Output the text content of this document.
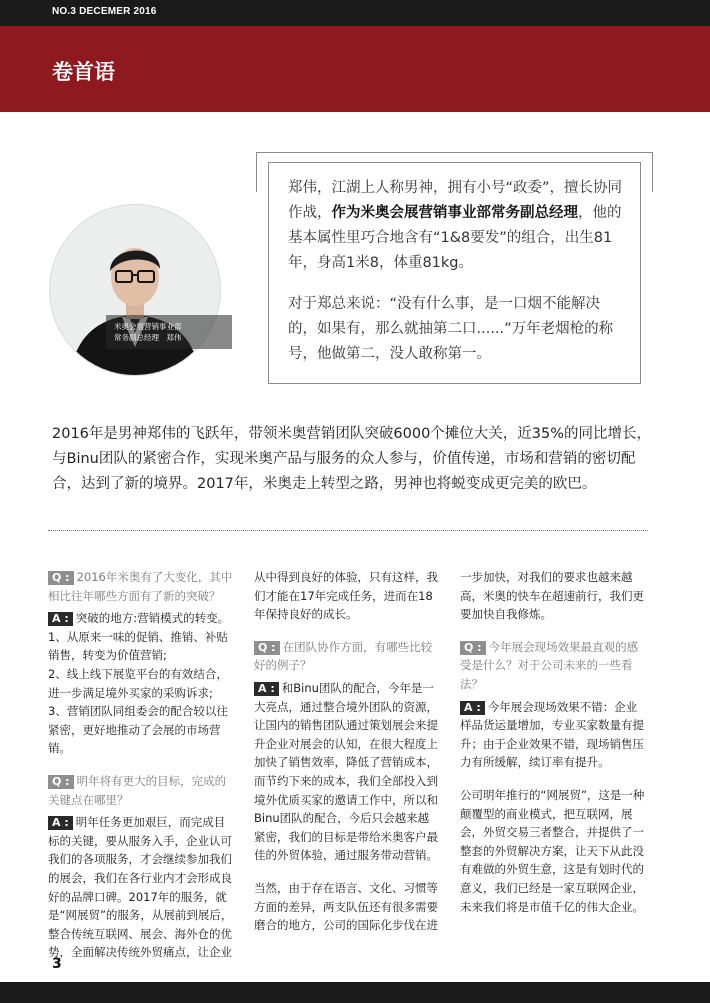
NO.3 DECEMER 2016
卷首语
米奥会展营销事业部
常务副总经理　郑伟

郑伟，江湖上人称男神，拥有小号“政委”，擅长协同作战，作为米奥会展营销事业部常务副总经理，他的基本属性里巧合地含有“1&8要发”的组合，出生81年，身高1米8，体重81kg。

对于郑总来说：“没有什么事，是一口烟不能解决的，如果有，那么就抽第二口......”万年老烟枪的称号，他做第二，没人敢称第一。

2016年是男神郑伟的飞跃年，带领米奥营销团队突破6000个摊位大关，近35%的同比增长，与Binu团队的紧密合作，实现米奥产品与服务的众人参与，价值传递，市场和营销的密切配合，达到了新的境界。2017年，米奥走上转型之路，男神也将蜕变成更完美的欧巴。
Q : 2016年米奥有了大变化，其中相比往年哪些方面有了新的突破？
A : 突破的地方:营销模式的转变。
1、从原来一味的促销、推销、补贴销售，转变为价值营销;
2、线上线下展览平台的有效结合，进一步满足境外买家的采购诉求;
3、营销团队同组委会的配合较以往紧密，更好地推动了会展的市场营销。
Q : 明年将有更大的目标，完成的关键点在哪里？
A : 明年任务更加艰巨，而完成目标的关键，要从服务入手，企业认可我们的各项服务，才会继续参加我们的展会，我们在各行业内才会形成良好的品牌口碑。2017年的服务，就是“网展贸”的服务，从展前到展后，整合传统互联网、展会、海外仓的优势，全面解决传统外贸痛点，让企业

从中得到良好的体验，只有这样，我们才能在17年完成任务，进而在18年保持良好的成长。

Q : 在团队协作方面，有哪些比较好的例子？
A : 和Binu团队的配合，今年是一大亮点，通过整合境外团队的资源，让国内的销售团队通过策划展会来提升企业对展会的认知，在很大程度上加快了销售效率，降低了营销成本，而节约下来的成本，我们全部投入到境外优质买家的邀请工作中，所以和Binu团队的配合，今后只会越来越紧密，我们的目标是带给米奥客户最佳的外贸体验，通过服务带动营销。

当然，由于存在语言、文化、习惯等方面的差异，两支队伍还有很多需要磨合的地方，公司的国际化步伐在进

一步加快，对我们的要求也越来越高，米奥的快车在超速前行，我们更要加快自我修炼。

Q : 今年展会现场效果最直观的感受是什么？对于公司未来的一些看法？
A : 今年展会现场效果不错：企业样品货运量增加，专业买家数量有提升；由于企业效果不错，现场销售压力有所缓解，续订率有提升。

公司明年推行的“网展贸”，这是一种颠覆型的商业模式，把互联网，展会，外贸交易三者整合，并提供了一整套的外贸解决方案，让天下从此没有难做的外贸生意，这是有划时代的意义，我们已经是一家互联网企业，未来我们将是市值千亿的伟大企业。

3
